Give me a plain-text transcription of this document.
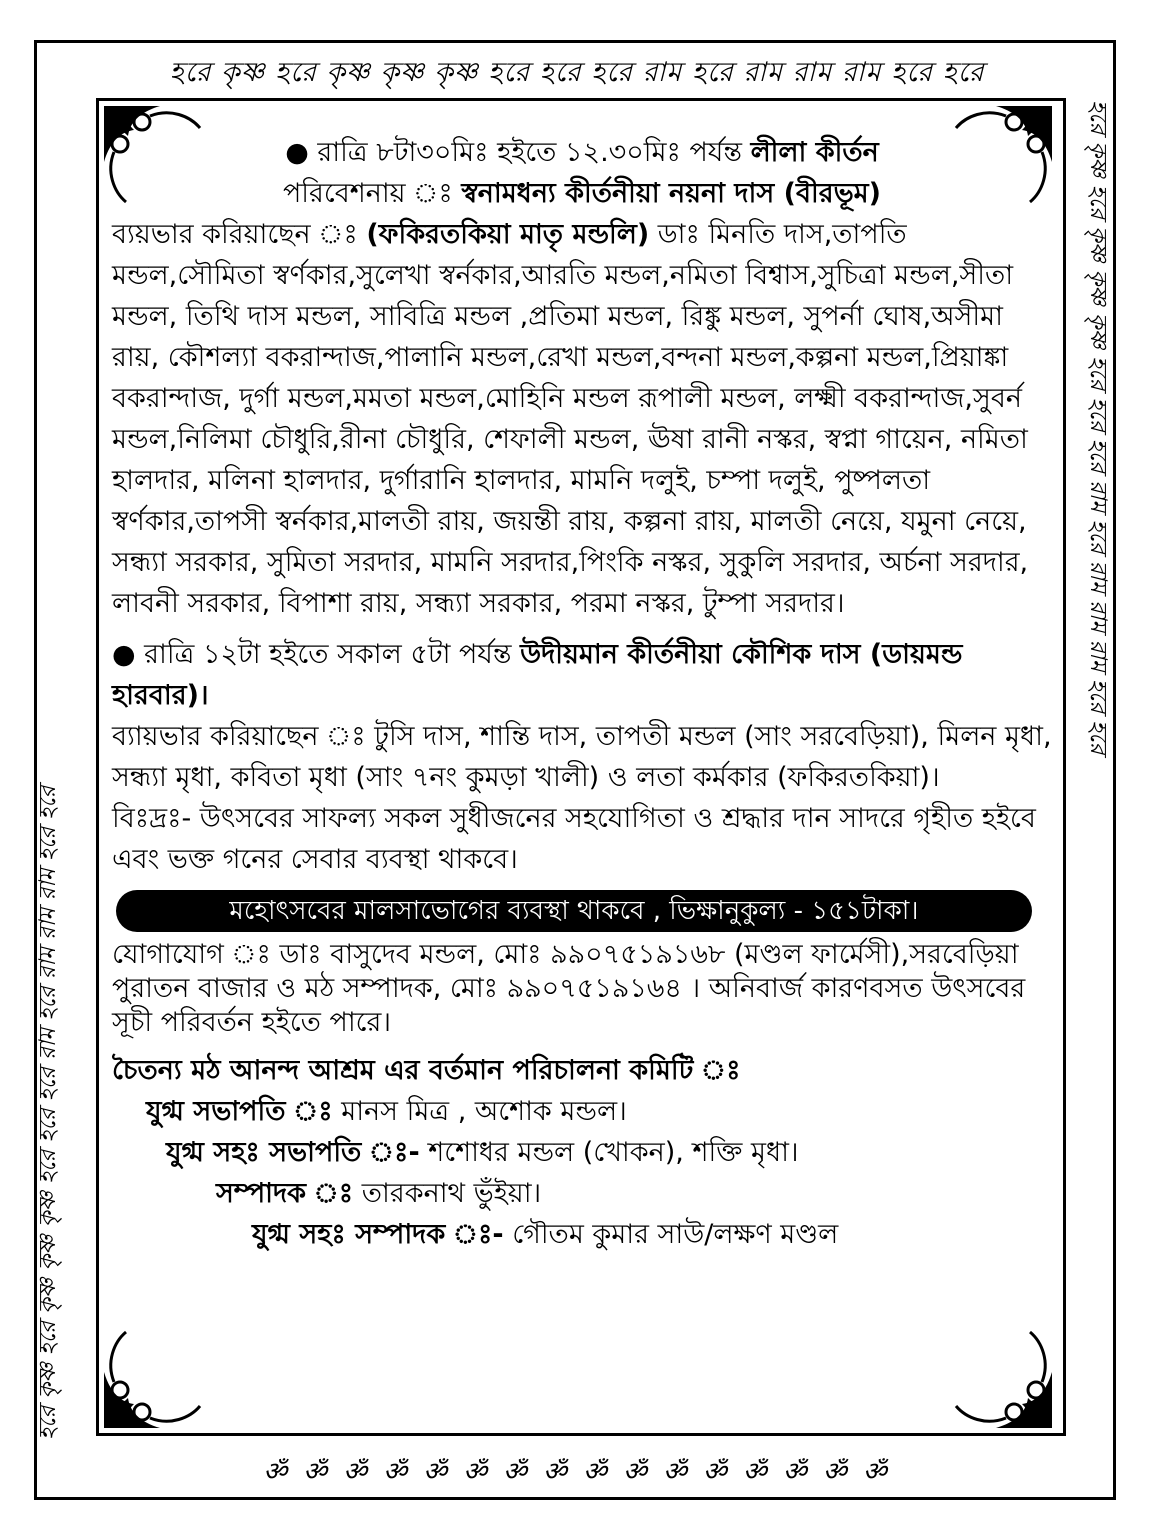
হরে কৃষ্ণ হরে কৃষ্ণ কৃষ্ণ কৃষ্ণ হরে হরে হরে রাম হরে রাম রাম রাম হরে হরে
হরে কৃষ্ণ হরে কৃষ্ণ কৃষ্ণ কৃষ্ণ হরে হরে হরে রাম হরে রাম রাম রাম হরে হরে
হরে কৃষ্ণ হরে কৃষ্ণ কৃষ্ণ কৃষ্ণ হরে হরে হরে রাম হরে রাম রাম রাম হরে হরে
ॐ ॐ ॐ ॐ ॐ ॐ ॐ ॐ ॐ ॐ ॐ ॐ ॐ ॐ ॐ ॐ

● রাত্রি ৮টা৩০মিঃ হইতে ১২.৩০মিঃ পর্যন্ত লীলা কীর্তন

পরিবেশনায় ঃ স্বনামধন্য কীর্তনীয়া নয়না দাস (বীরভূম)

ব্যয়ভার করিয়াছেন ঃ (ফকিরতকিয়া মাতৃ মন্ডলি) ডাঃ মিনতি দাস,তাপতি মন্ডল,সৌমিতা স্বর্ণকার,সুলেখা স্বর্নকার,আরতি মন্ডল,নমিতা বিশ্বাস,সুচিত্রা মন্ডল,সীতা মন্ডল, তিথি দাস মন্ডল, সাবিত্রি মন্ডল ,প্রতিমা মন্ডল, রিঙ্কু মন্ডল, সুপর্না ঘোষ,অসীমা রায়, কৌশল্যা বকরান্দাজ,পালানি মন্ডল,রেখা মন্ডল,বন্দনা মন্ডল,কল্পনা মন্ডল,প্রিয়াঙ্কা বকরান্দাজ, দুর্গা মন্ডল,মমতা মন্ডল,মোহিনি মন্ডল রূপালী মন্ডল, লক্ষ্মী বকরান্দাজ,সুবর্ন মন্ডল,নিলিমা চৌধুরি,রীনা চৌধুরি, শেফালী মন্ডল, ঊষা রানী নস্কর, স্বপ্না গায়েন, নমিতা হালদার, মলিনা হালদার, দুর্গারানি হালদার, মামনি দলুই, চম্পা দলুই, পুষ্পলতা স্বর্ণকার,তাপসী স্বর্নকার,মালতী রায়, জয়ন্তী রায়, কল্পনা রায়, মালতী নেয়ে, যমুনা নেয়ে, সন্ধ্যা সরকার, সুমিতা সরদার, মামনি সরদার,পিংকি নস্কর, সুকুলি সরদার, অর্চনা সরদার, লাবনী সরকার, বিপাশা রায়, সন্ধ্যা সরকার, পরমা নস্কর, টুম্পা সরদার।

● রাত্রি ১২টা হইতে সকাল ৫টা পর্যন্ত উদীয়মান কীর্তনীয়া কৌশিক দাস (ডায়মন্ড হারবার)।

ব্যায়ভার করিয়াছেন ঃ টুসি দাস, শান্তি দাস, তাপতী মন্ডল (সাং সরবেড়িয়া), মিলন মৃধা, সন্ধ্যা মৃধা, কবিতা মৃধা (সাং ৭নং কুমড়া খালী) ও লতা কর্মকার (ফকিরতকিয়া)।

বিঃদ্রঃ- উৎসবের সাফল্য সকল সুধীজনের সহযোগিতা ও শ্রদ্ধার দান সাদরে গৃহীত হইবে এবং ভক্ত গনের সেবার ব্যবস্থা থাকবে।

মহোৎসবের মালসাভোগের ব্যবস্থা থাকবে , ভিক্ষানুকুল্য - ১৫১টাকা।

যোগাযোগ ঃ ডাঃ বাসুদেব মন্ডল, মোঃ ৯৯০৭৫১৯১৬৮ (মণ্ডল ফার্মেসী),সরবেড়িয়া পুরাতন বাজার ও মঠ সম্পাদক, মোঃ ৯৯০৭৫১৯১৬৪ । অনিবার্জ কারণবসত উৎসবের সূচী পরিবর্তন হইতে পারে।

চৈতন্য মঠ আনন্দ আশ্রম এর বর্তমান পরিচালনা কমিটি ঃ

যুগ্ম সভাপতি ঃ মানস মিত্র , অশোক মন্ডল।

যুগ্ম সহঃ সভাপতি ঃ- শশোধর মন্ডল (খোকন), শক্তি মৃধা।

সম্পাদক ঃ তারকনাথ ভুঁইয়া।

যুগ্ম সহঃ সম্পাদক ঃ- গৌতম কুমার সাউ/লক্ষণ মণ্ডল
